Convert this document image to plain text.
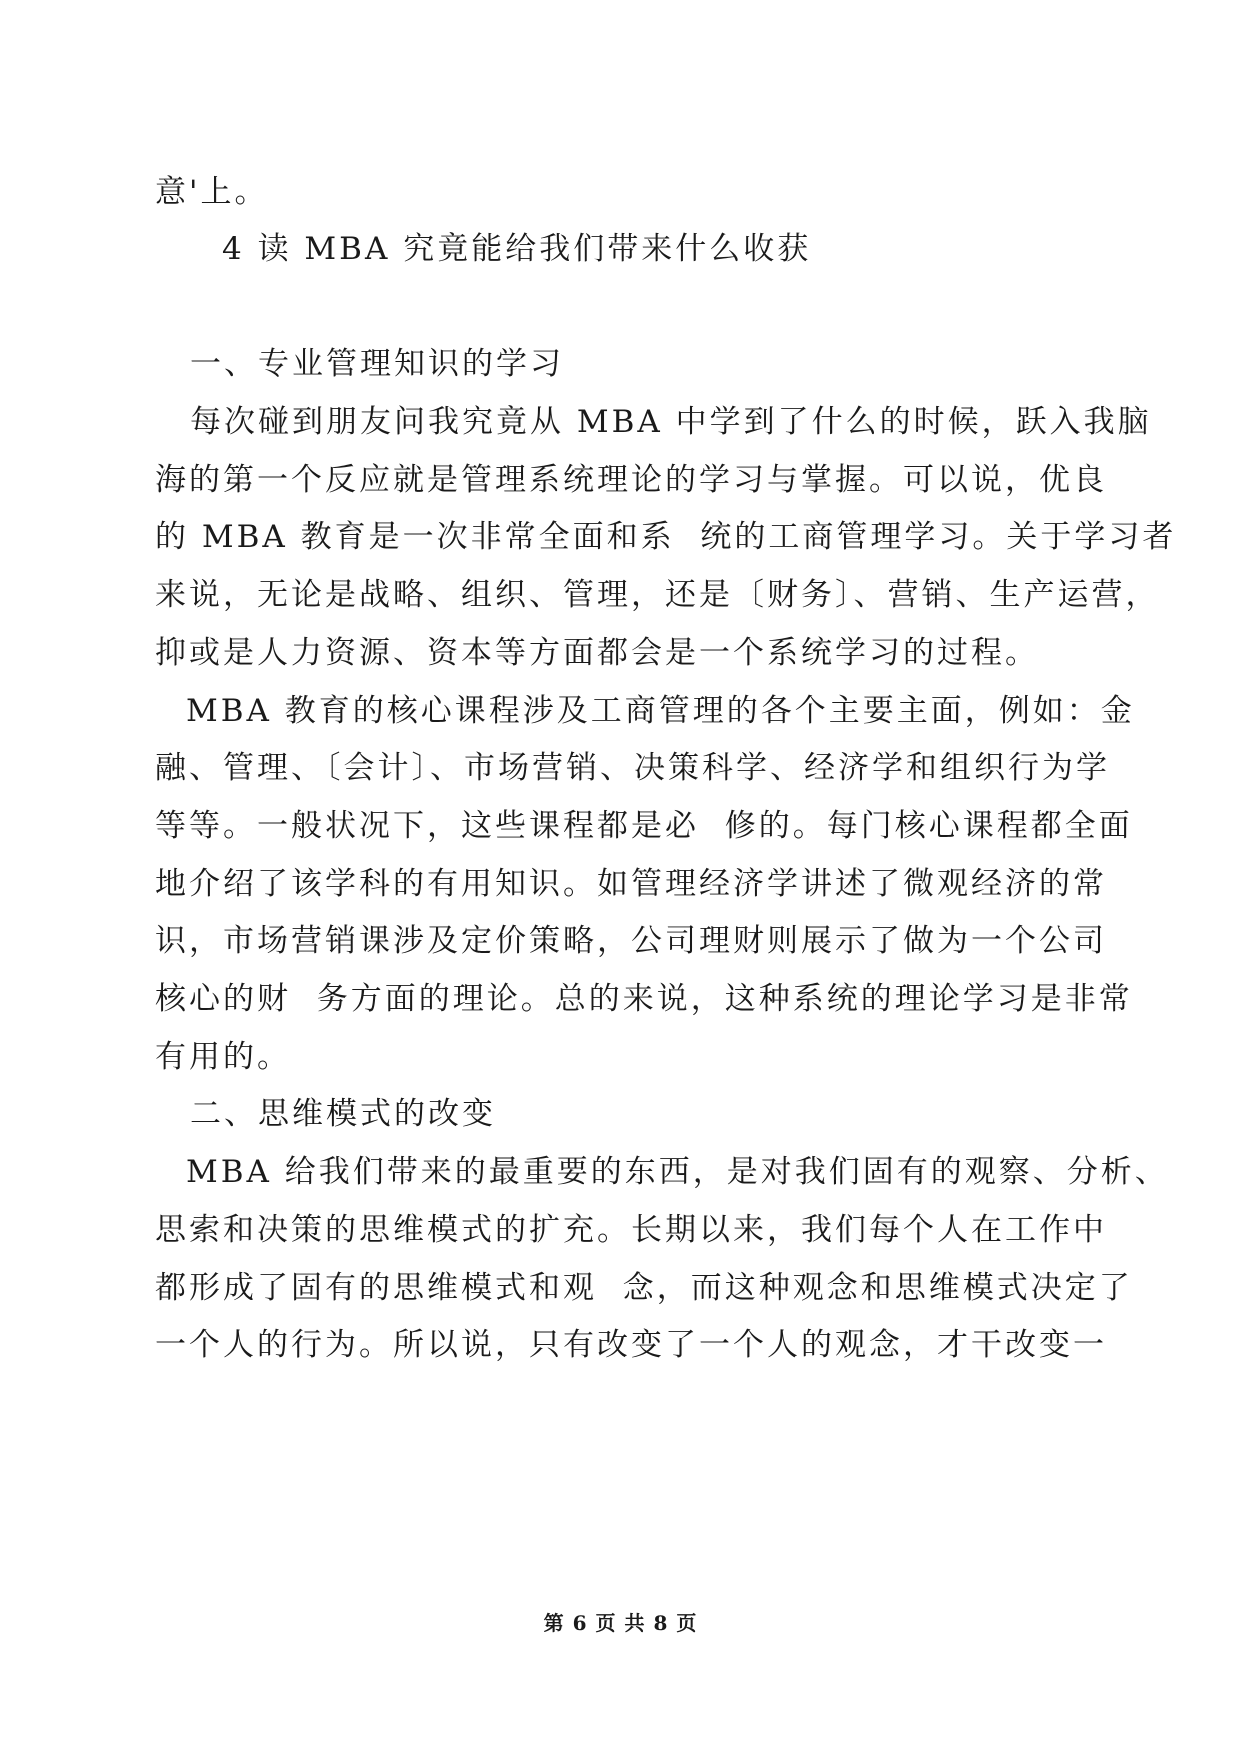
意'上。
4 读 MBA 究竟能给我们带来什么收获
一、专业管理知识的学习
每次碰到朋友问我究竟从 MBA 中学到了什么的时候，跃入我脑
海的第一个反应就是管理系统理论的学习与掌握。可以说，优良
的 MBA 教育是一次非常全面和系  统的工商管理学习。关于学习者
来说，无论是战略、组织、管理，还是〔财务〕、营销、生产运营，
抑或是人力资源、资本等方面都会是一个系统学习的过程。
MBA 教育的核心课程涉及工商管理的各个主要主面，例如：金
融、管理、〔会计〕、市场营销、决策科学、经济学和组织行为学
等等。一般状况下，这些课程都是必  修的。每门核心课程都全面
地介绍了该学科的有用知识。如管理经济学讲述了微观经济的常
识，市场营销课涉及定价策略，公司理财则展示了做为一个公司
核心的财  务方面的理论。总的来说，这种系统的理论学习是非常
有用的。
二、思维模式的改变
MBA 给我们带来的最重要的东西，是对我们固有的观察、分析、
思索和决策的思维模式的扩充。长期以来，我们每个人在工作中
都形成了固有的思维模式和观  念，而这种观念和思维模式决定了
一个人的行为。所以说，只有改变了一个人的观念，才干改变一
第 6 页 共 8 页
